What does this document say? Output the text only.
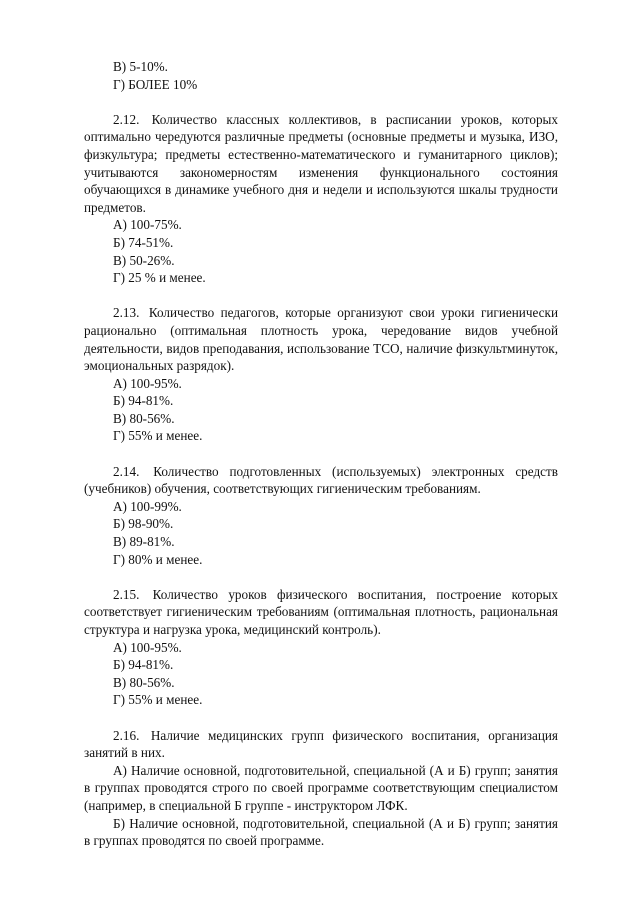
В) 5-10%.

Г) БОЛЕЕ 10%

2.12. Количество классных коллективов, в расписании уроков, которых оптимально чередуются различные предметы (основные предметы и музыка, ИЗО, физкультура; предметы естественно-математического и гуманитарного циклов); учитываются закономерностям изменения функционального состояния обучающихся в динамике учебного дня и недели и используются шкалы трудности предметов.

А) 100-75%.

Б) 74-51%.

В) 50-26%.

Г) 25 % и менее.

2.13. Количество педагогов, которые организуют свои уроки гигиенически рационально (оптимальная плотность урока, чередование видов учебной деятельности, видов преподавания, использование ТСО, наличие физкультминуток, эмоциональных разрядок).

А) 100-95%.

Б) 94-81%.

В) 80-56%.

Г) 55% и менее.

2.14. Количество подготовленных (используемых) электронных средств (учебников) обучения, соответствующих гигиеническим требованиям.

А) 100-99%.

Б) 98-90%.

В) 89-81%.

Г) 80% и менее.

2.15. Количество уроков физического воспитания, построение которых соответствует гигиеническим требованиям (оптимальная плотность, рациональная структура и нагрузка урока, медицинский контроль).

А) 100-95%.

Б) 94-81%.

В) 80-56%.

Г) 55% и менее.

2.16. Наличие медицинских групп физического воспитания, организация занятий в них.

А) Наличие основной, подготовительной, специальной (А и Б) групп; занятия в группах проводятся строго по своей программе соответствующим специалистом (например, в специальной Б группе - инструктором ЛФК.

Б) Наличие основной, подготовительной, специальной (А и Б) групп; занятия в группах проводятся по своей программе.
